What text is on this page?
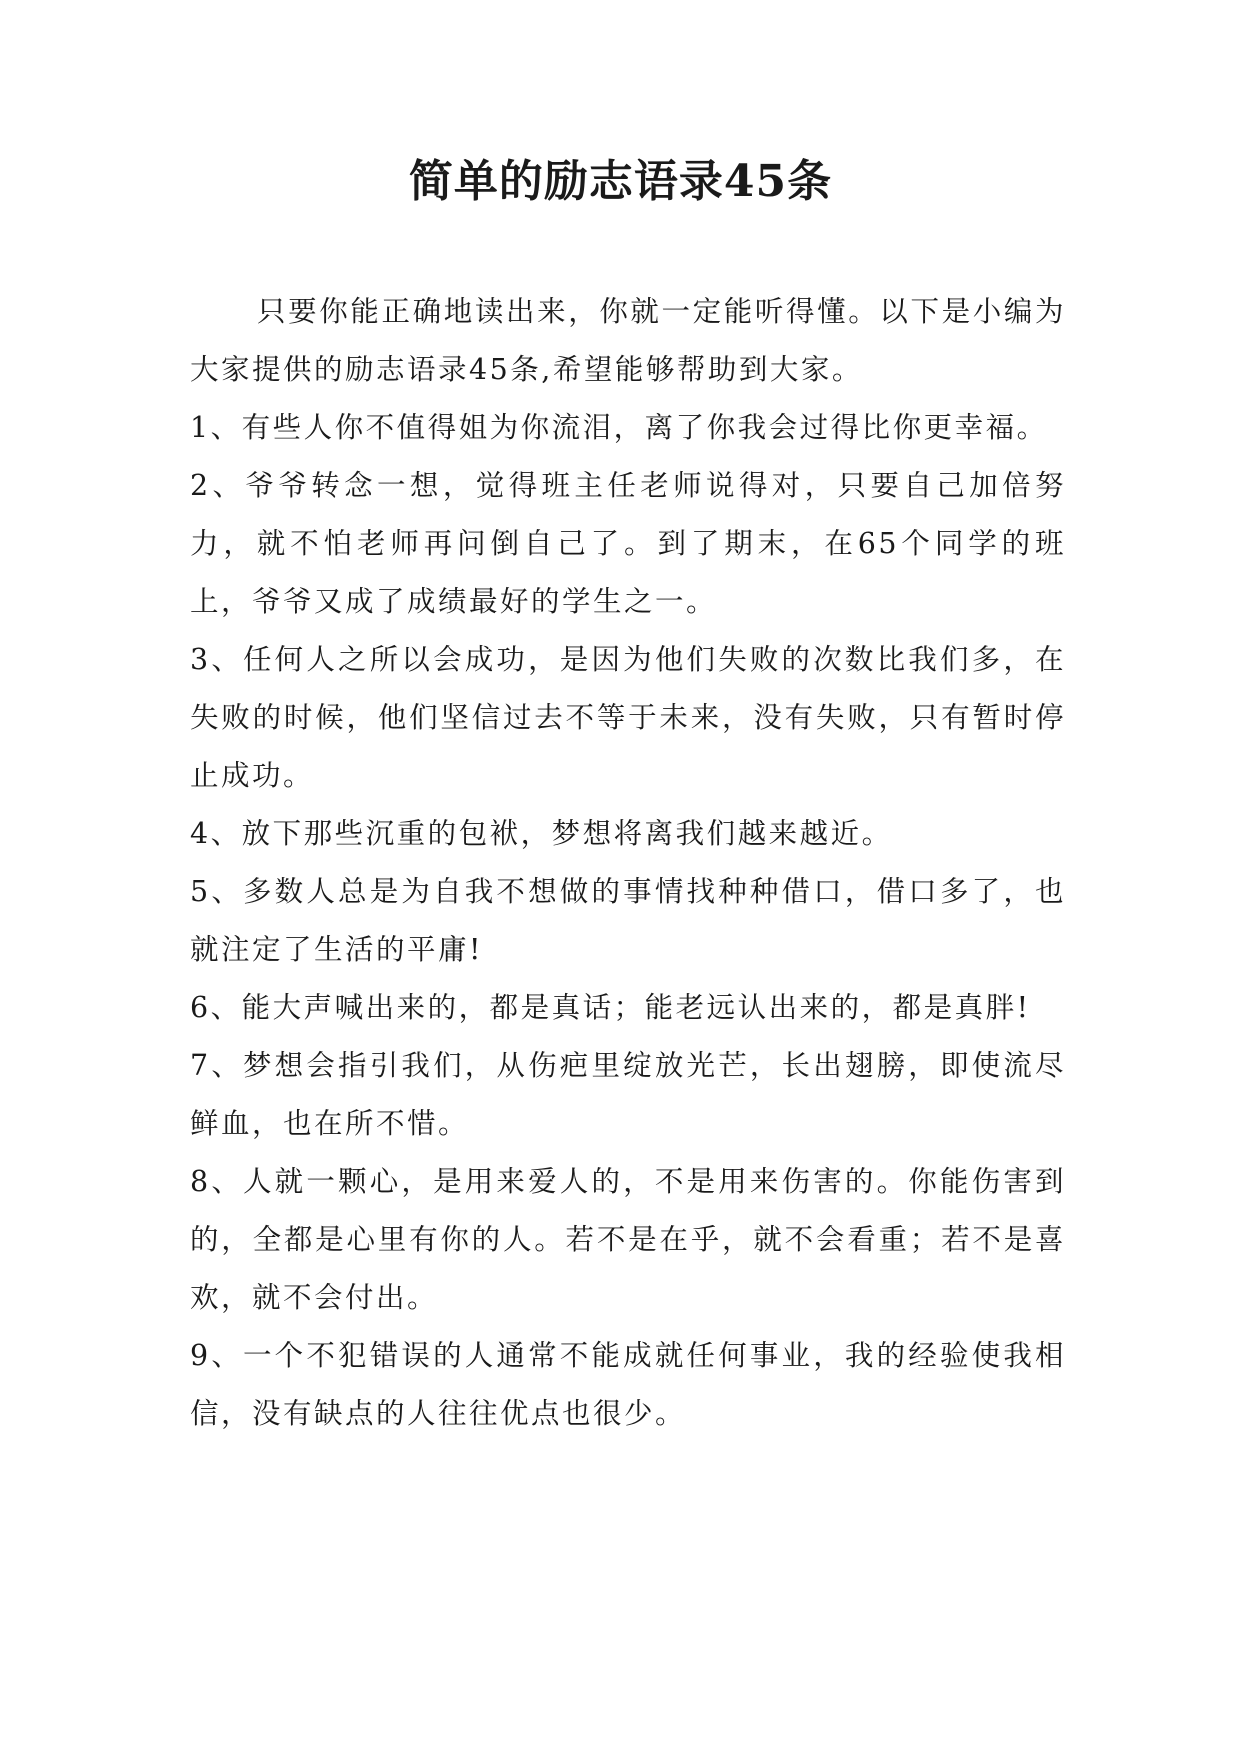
简单的励志语录45条

只要你能正确地读出来，你就一定能听得懂。以下是小编为大家提供的励志语录45条,希望能够帮助到大家。

1、有些人你不值得姐为你流泪，离了你我会过得比你更幸福。

2、爷爷转念一想，觉得班主任老师说得对，只要自己加倍努力，就不怕老师再问倒自己了。到了期末，在65个同学的班上，爷爷又成了成绩最好的学生之一。

3、任何人之所以会成功，是因为他们失败的次数比我们多，在失败的时候，他们坚信过去不等于未来，没有失败，只有暂时停止成功。

4、放下那些沉重的包袱，梦想将离我们越来越近。

5、多数人总是为自我不想做的事情找种种借口，借口多了，也就注定了生活的平庸!

6、能大声喊出来的，都是真话；能老远认出来的，都是真胖!

7、梦想会指引我们，从伤疤里绽放光芒，长出翅膀，即使流尽鲜血，也在所不惜。

8、人就一颗心，是用来爱人的，不是用来伤害的。你能伤害到的，全都是心里有你的人。若不是在乎，就不会看重；若不是喜欢，就不会付出。

9、一个不犯错误的人通常不能成就任何事业，我的经验使我相信，没有缺点的人往往优点也很少。
